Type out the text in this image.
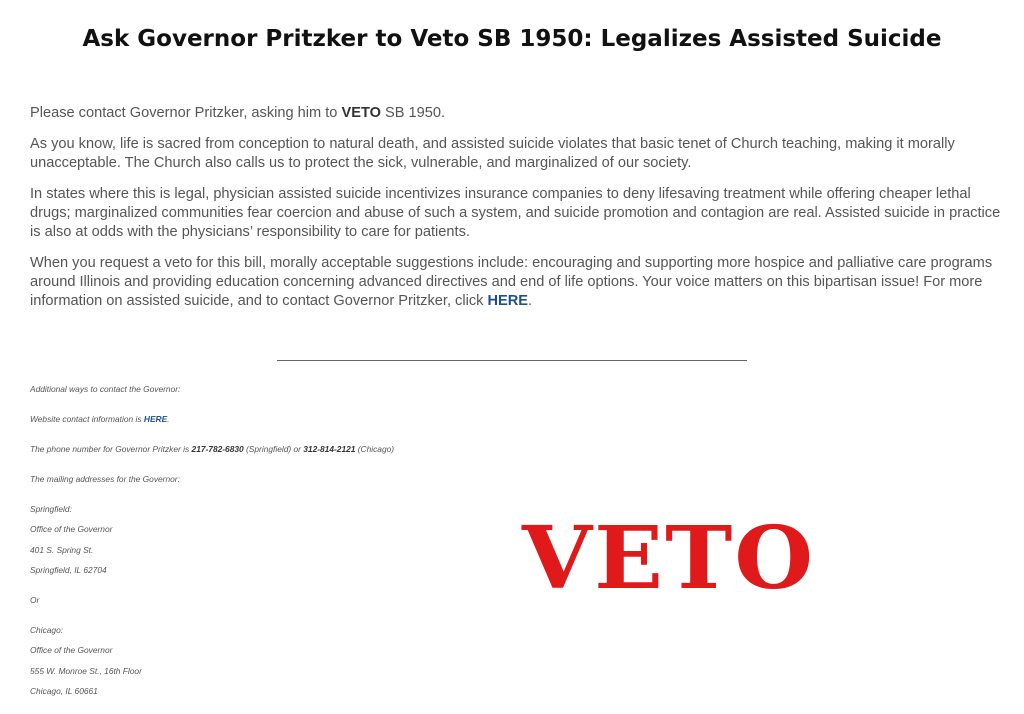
Ask Governor Pritzker to Veto SB 1950: Legalizes Assisted Suicide

Please contact Governor Pritzker, asking him to VETO SB 1950.

As you know, life is sacred from conception to natural death, and assisted suicide violates that basic tenet of Church teaching, making it morally unacceptable. The Church also calls us to protect the sick, vulnerable, and marginalized of our society.

In states where this is legal, physician assisted suicide incentivizes insurance companies to deny lifesaving treatment while offering cheaper lethal drugs; marginalized communities fear coercion and abuse of such a system, and suicide promotion and contagion are real. Assisted suicide in practice is also at odds with the physicians’ responsibility to care for patients.

When you request a veto for this bill, morally acceptable suggestions include: encouraging and supporting more hospice and palliative care programs around Illinois and providing education concerning advanced directives and end of life options. Your voice matters on this bipartisan issue! For more information on assisted suicide, and to contact Governor Pritzker, click HERE.

Additional ways to contact the Governor:
Website contact information is HERE.
The phone number for Governor Pritzker is 217-782-6830 (Springfield) or 312-814-2121 (Chicago)
The mailing addresses for the Governor:
Springfield:
Office of the Governor
401 S. Spring St.
Springfield, IL 62704
Or
Chicago:
Office of the Governor
555 W. Monroe St., 16th Floor
Chicago, IL 60661
VETO
